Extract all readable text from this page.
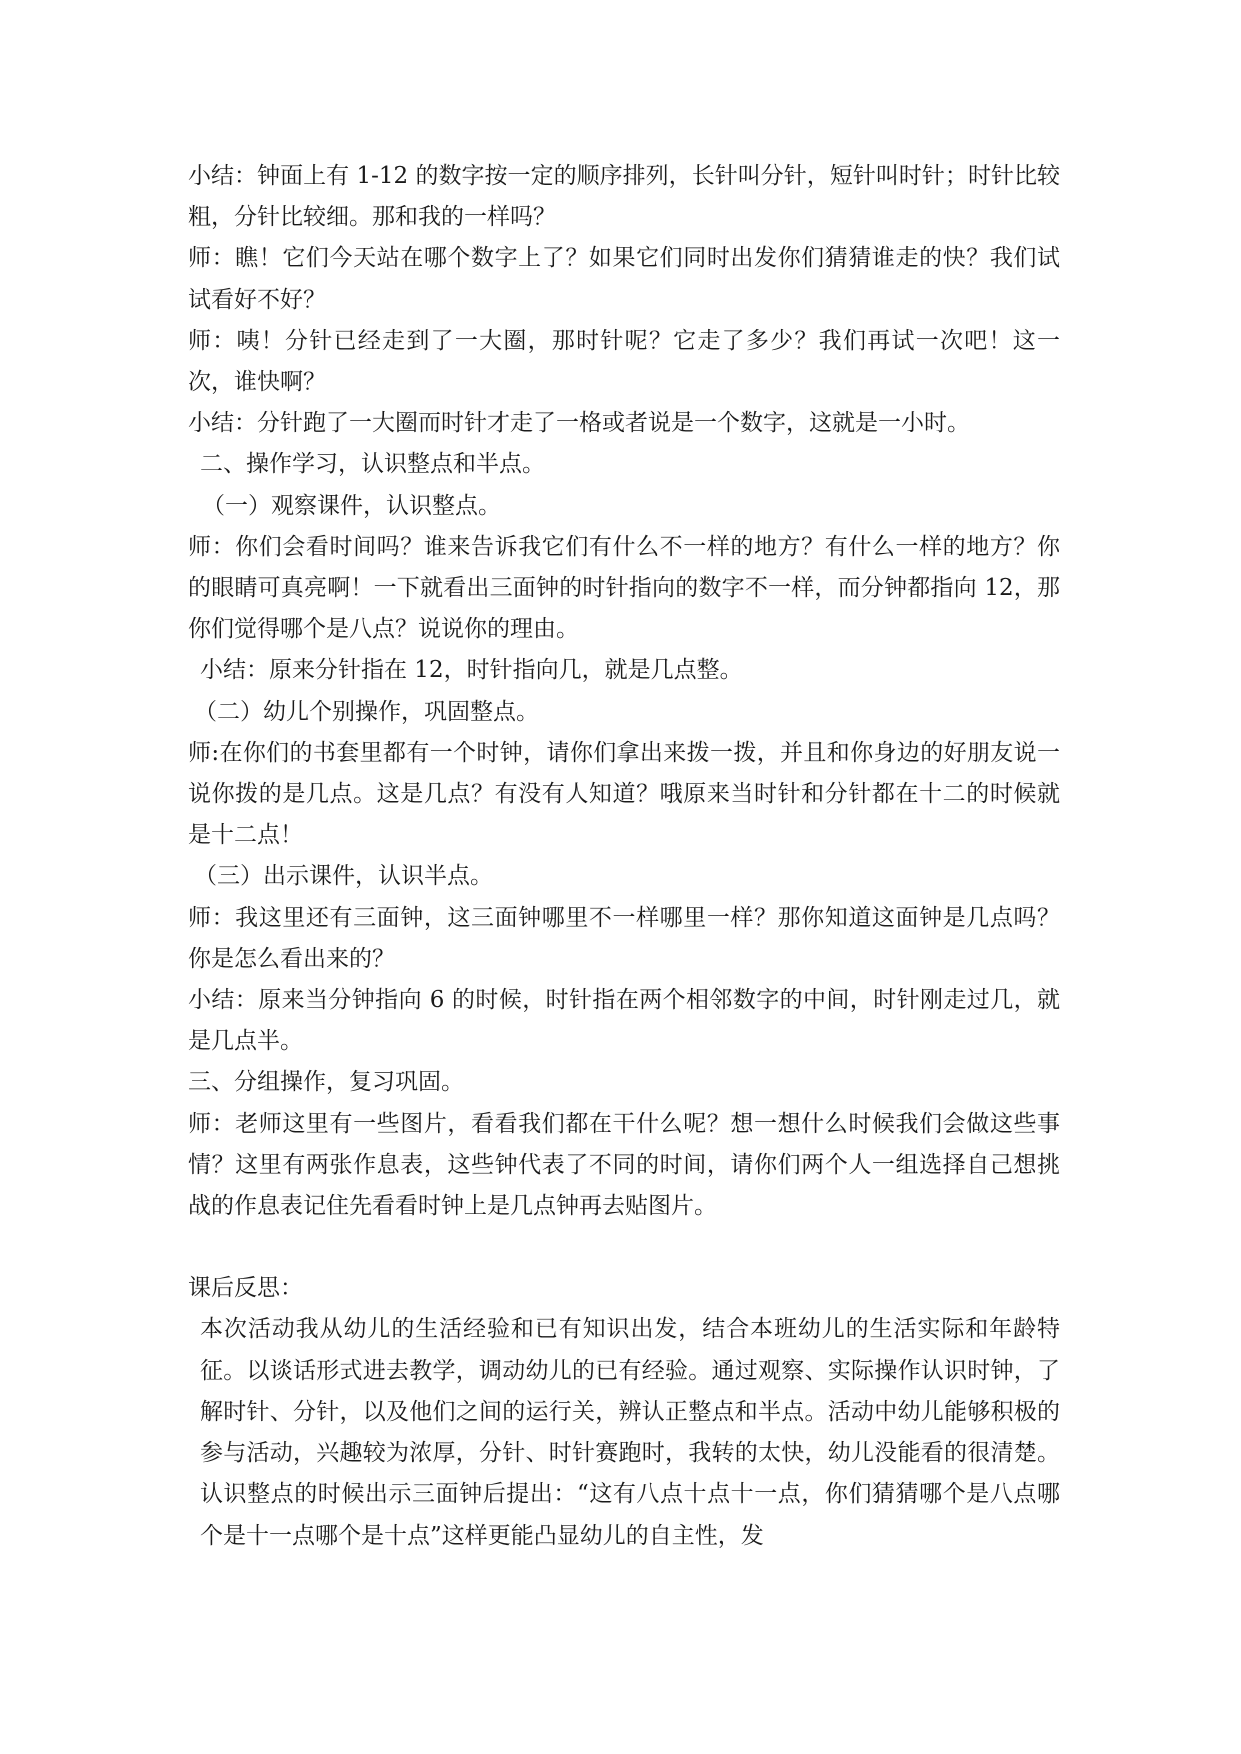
小结：钟面上有 1-12 的数字按一定的顺序排列，长针叫分针，短针叫时针；时针比较粗，分针比较细。那和我的一样吗？

师：瞧！它们今天站在哪个数字上了？如果它们同时出发你们猜猜谁走的快？我们试试看好不好？

师：咦！分针已经走到了一大圈，那时针呢？它走了多少？我们再试一次吧！这一次，谁快啊？

小结：分针跑了一大圈而时针才走了一格或者说是一个数字，这就是一小时。

二、操作学习，认识整点和半点。

（一）观察课件，认识整点。

师：你们会看时间吗？谁来告诉我它们有什么不一样的地方？有什么一样的地方？你的眼睛可真亮啊！一下就看出三面钟的时针指向的数字不一样，而分钟都指向 12，那你们觉得哪个是八点？说说你的理由。

小结：原来分针指在 12，时针指向几，就是几点整。

（二）幼儿个别操作，巩固整点。

师:在你们的书套里都有一个时钟，请你们拿出来拨一拨，并且和你身边的好朋友说一说你拨的是几点。这是几点？有没有人知道？哦原来当时针和分针都在十二的时候就是十二点！

（三）出示课件，认识半点。

师：我这里还有三面钟，这三面钟哪里不一样哪里一样？那你知道这面钟是几点吗？你是怎么看出来的？

小结：原来当分钟指向 6 的时候，时针指在两个相邻数字的中间，时针刚走过几，就是几点半。

三、分组操作，复习巩固。

师：老师这里有一些图片，看看我们都在干什么呢？想一想什么时候我们会做这些事情？这里有两张作息表，这些钟代表了不同的时间，请你们两个人一组选择自己想挑战的作息表记住先看看时钟上是几点钟再去贴图片。

课后反思：

本次活动我从幼儿的生活经验和已有知识出发，结合本班幼儿的生活实际和年龄特征。以谈话形式进去教学，调动幼儿的已有经验。通过观察、实际操作认识时钟，了解时针、分针，以及他们之间的运行关，辨认正整点和半点。活动中幼儿能够积极的参与活动，兴趣较为浓厚，分针、时针赛跑时，我转的太快，幼儿没能看的很清楚。认识整点的时候出示三面钟后提出：“这有八点十点十一点，你们猜猜哪个是八点哪个是十一点哪个是十点”这样更能凸显幼儿的自主性，发
